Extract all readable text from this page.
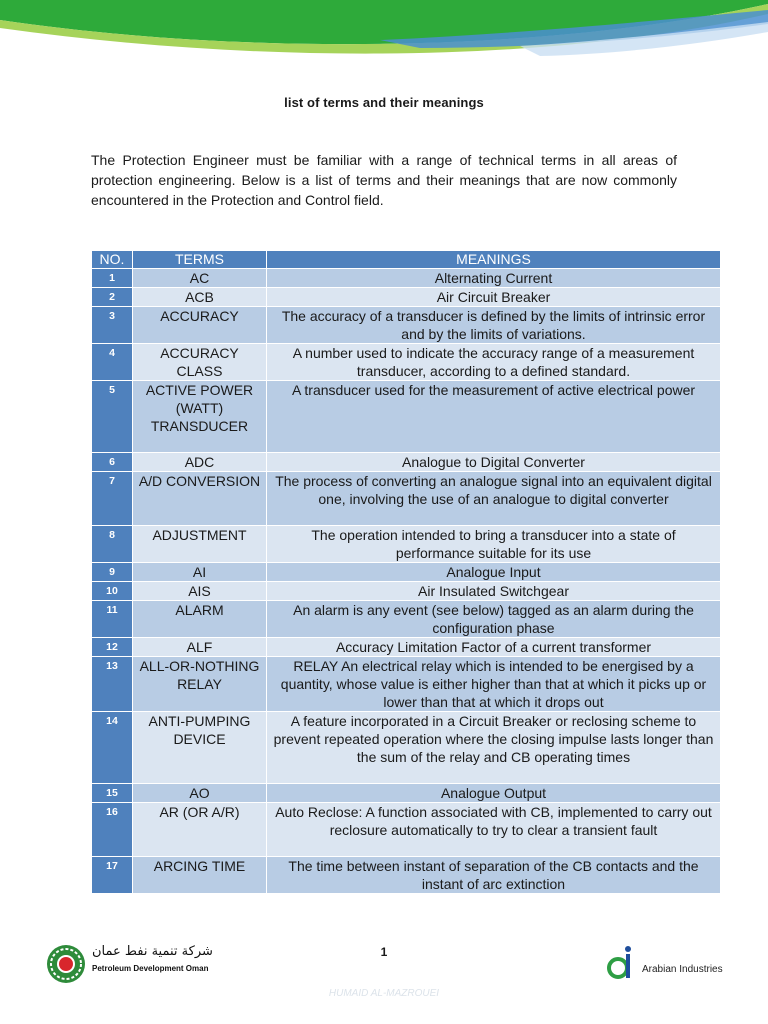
list of terms and their meanings

The Protection Engineer must be familiar with a range of technical terms in all areas of protection engineering. Below is a list of terms and their meanings that are now commonly encountered in the Protection and Control field.

NO.	TERMS	MEANINGS
1	AC	Alternating Current
2	ACB	Air Circuit Breaker
3	ACCURACY	The accuracy of a transducer is defined by the limits of intrinsic error and by the limits of variations.
4	ACCURACY CLASS	A number used to indicate the accuracy range of a measurement transducer, according to a defined standard.
5	ACTIVE POWER (WATT) TRANSDUCER	A transducer used for the measurement of active electrical power
6	ADC	Analogue to Digital Converter
7	A/D CONVERSION	The process of converting an analogue signal into an equivalent digital one, involving the use of an analogue to digital converter
8	ADJUSTMENT	The operation intended to bring a transducer into a state of performance suitable for its use
9	AI	Analogue Input
10	AIS	Air Insulated Switchgear
11	ALARM	An alarm is any event (see below) tagged as an alarm during the configuration phase
12	ALF	Accuracy Limitation Factor of a current transformer
13	ALL-OR-NOTHING RELAY	RELAY An electrical relay which is intended to be energised by a quantity, whose value is either higher than that at which it picks up or lower than that at which it drops out
14	ANTI-PUMPING DEVICE	A feature incorporated in a Circuit Breaker or reclosing scheme to prevent repeated operation where the closing impulse lasts longer than the sum of the relay and CB operating times
15	AO	Analogue Output
16	AR (OR A/R)	Auto Reclose: A function associated with CB, implemented to carry out reclosure automatically to try to clear a transient fault
17	ARCING TIME	The time between instant of separation of the CB contacts and the instant of arc extinction
1
شركة تنمية نفط عمان
Petroleum Development Oman	Arabian Industries
HUMAID AL-MAZROUEI
